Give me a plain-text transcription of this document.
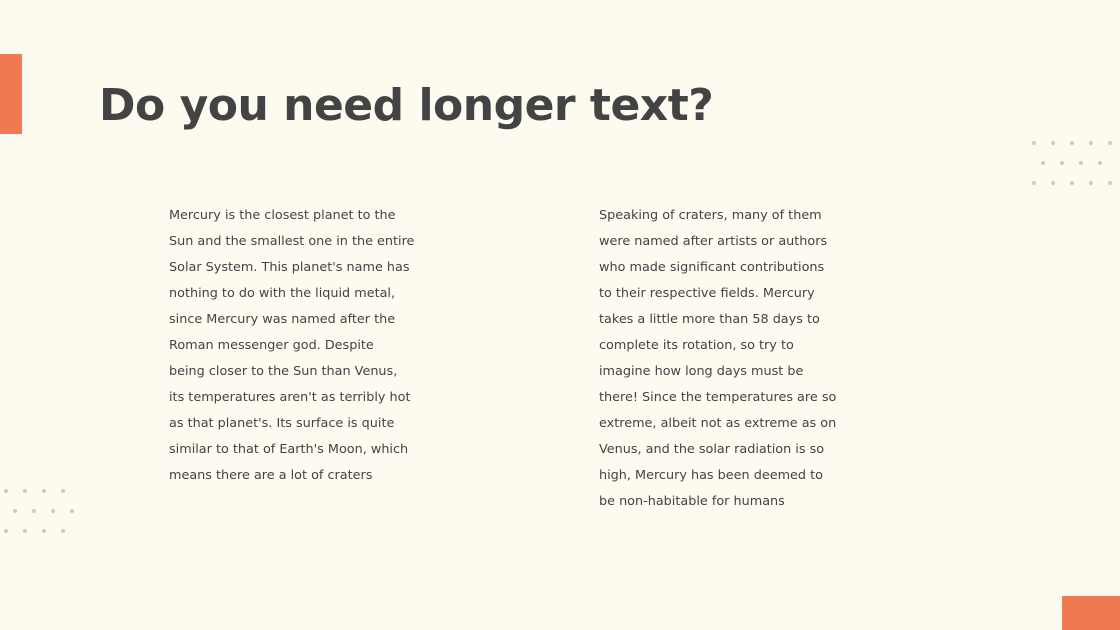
Do you need longer text?
Mercury is the closest planet to the
Sun and the smallest one in the entire
Solar System. This planet's name has
nothing to do with the liquid metal,
since Mercury was named after the
Roman messenger god. Despite
being closer to the Sun than Venus,
its temperatures aren't as terribly hot
as that planet's. Its surface is quite
similar to that of Earth's Moon, which
means there are a lot of craters
Speaking of craters, many of them
were named after artists or authors
who made significant contributions
to their respective fields. Mercury
takes a little more than 58 days to
complete its rotation, so try to
imagine how long days must be
there! Since the temperatures are so
extreme, albeit not as extreme as on
Venus, and the solar radiation is so
high, Mercury has been deemed to
be non-habitable for humans
